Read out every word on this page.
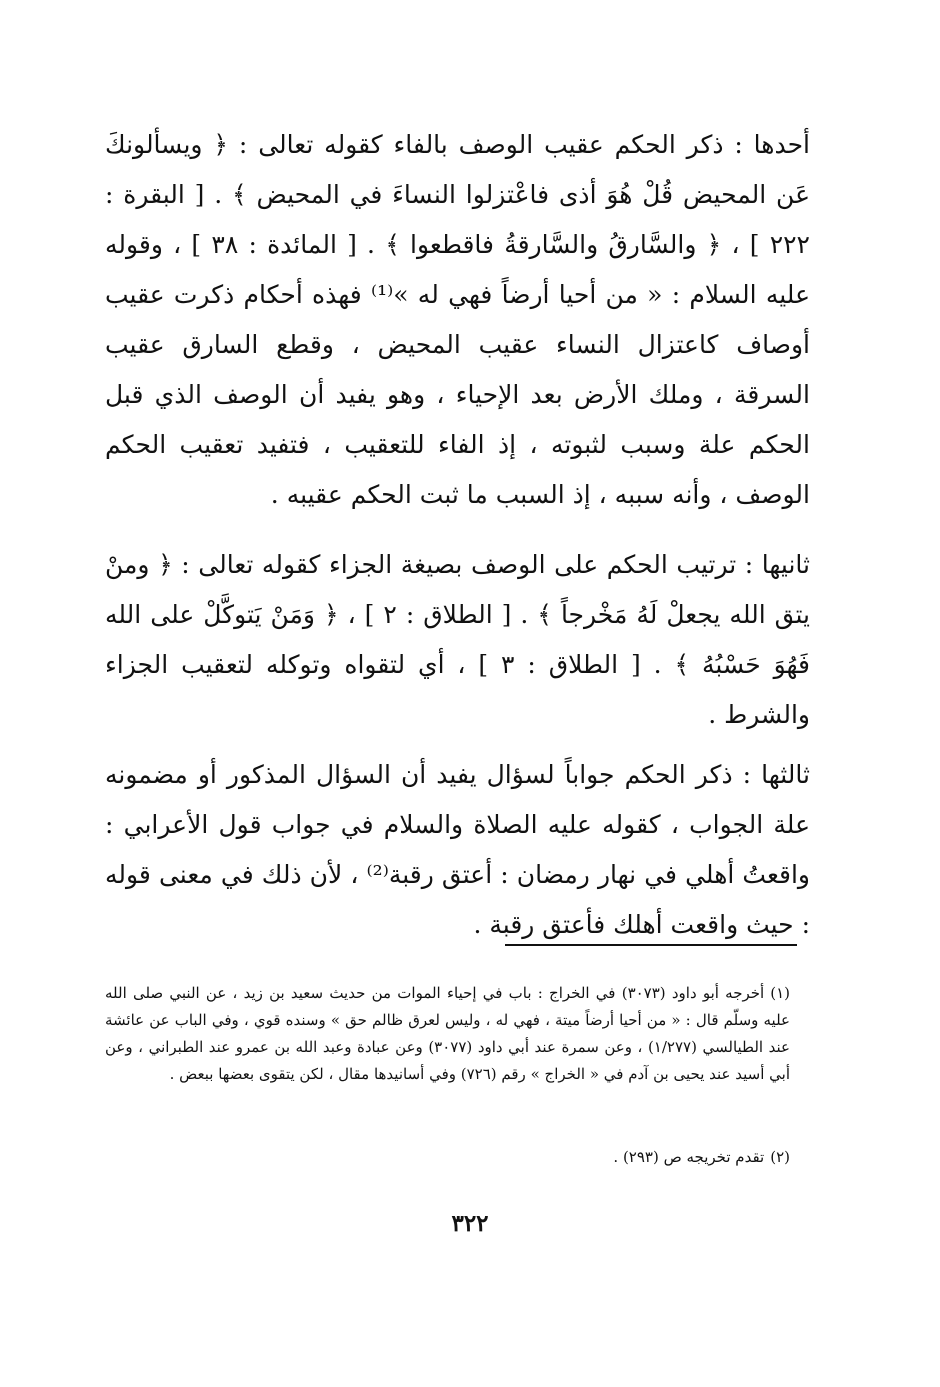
أحدها : ذكر الحكم عقيب الوصف بالفاء كقوله تعالى : ﴿ ويسألونكَ عَن المحيض قُلْ هُوَ أذى فاعْتزلوا النساءَ في المحيض ﴾ . [ البقرة : ٢٢٢ ] ، ﴿ والسَّارقُ والسَّارقةُ فاقطعوا ﴾ . [ المائدة : ٣٨ ] ، وقوله عليه السلام : « من أحيا أرضاً فهي له »⁽¹⁾ فهذه أحكام ذكرت عقيب أوصاف كاعتزال النساء عقيب المحيض ، وقطع السارق عقيب السرقة ، وملك الأرض بعد الإحياء ، وهو يفيد أن الوصف الذي قبل الحكم علة وسبب لثبوته ، إذ الفاء للتعقيب ، فتفيد تعقيب الحكم الوصف ، وأنه سببه ، إذ السبب ما ثبت الحكم عقيبه .

ثانيها : ترتيب الحكم على الوصف بصيغة الجزاء كقوله تعالى : ﴿ ومنْ يتق الله يجعلْ لَهُ مَخْرجاً ﴾ . [ الطلاق : ٢ ] ، ﴿ وَمَنْ يَتوكَّلْ على الله فَهُوَ حَسْبُهُ ﴾ . [ الطلاق : ٣ ] ، أي لتقواه وتوكله لتعقيب الجزاء والشرط .

ثالثها : ذكر الحكم جواباً لسؤال يفيد أن السؤال المذكور أو مضمونه علة الجواب ، كقوله عليه الصلاة والسلام في جواب قول الأعرابي : واقعتُ أهلي في نهار رمضان : أعتق رقبة⁽²⁾ ، لأن ذلك في معنى قوله : حيث واقعت أهلك فأعتق رقبة .

(١)أخرجه أبو داود (٣٠٧٣) في الخراج : باب في إحياء الموات من حديث سعيد بن زيد ، عن النبي صلى الله عليه وسلّم قال : « من أحيا أرضاً ميتة ، فهي له ، وليس لعرق ظالم حق » وسنده قوي ، وفي الباب عن عائشة عند الطيالسي (١/٢٧٧) ، وعن سمرة عند أبي داود (٣٠٧٧) وعن عبادة وعبد الله بن عمرو عند الطبراني ، وعن أبي أسيد عند يحيى بن آدم في « الخراج » رقم (٧٢٦) وفي أسانيدها مقال ، لكن يتقوى بعضها ببعض .

(٢)تقدم تخريجه ص (٢٩٣) .

٣٢٢
